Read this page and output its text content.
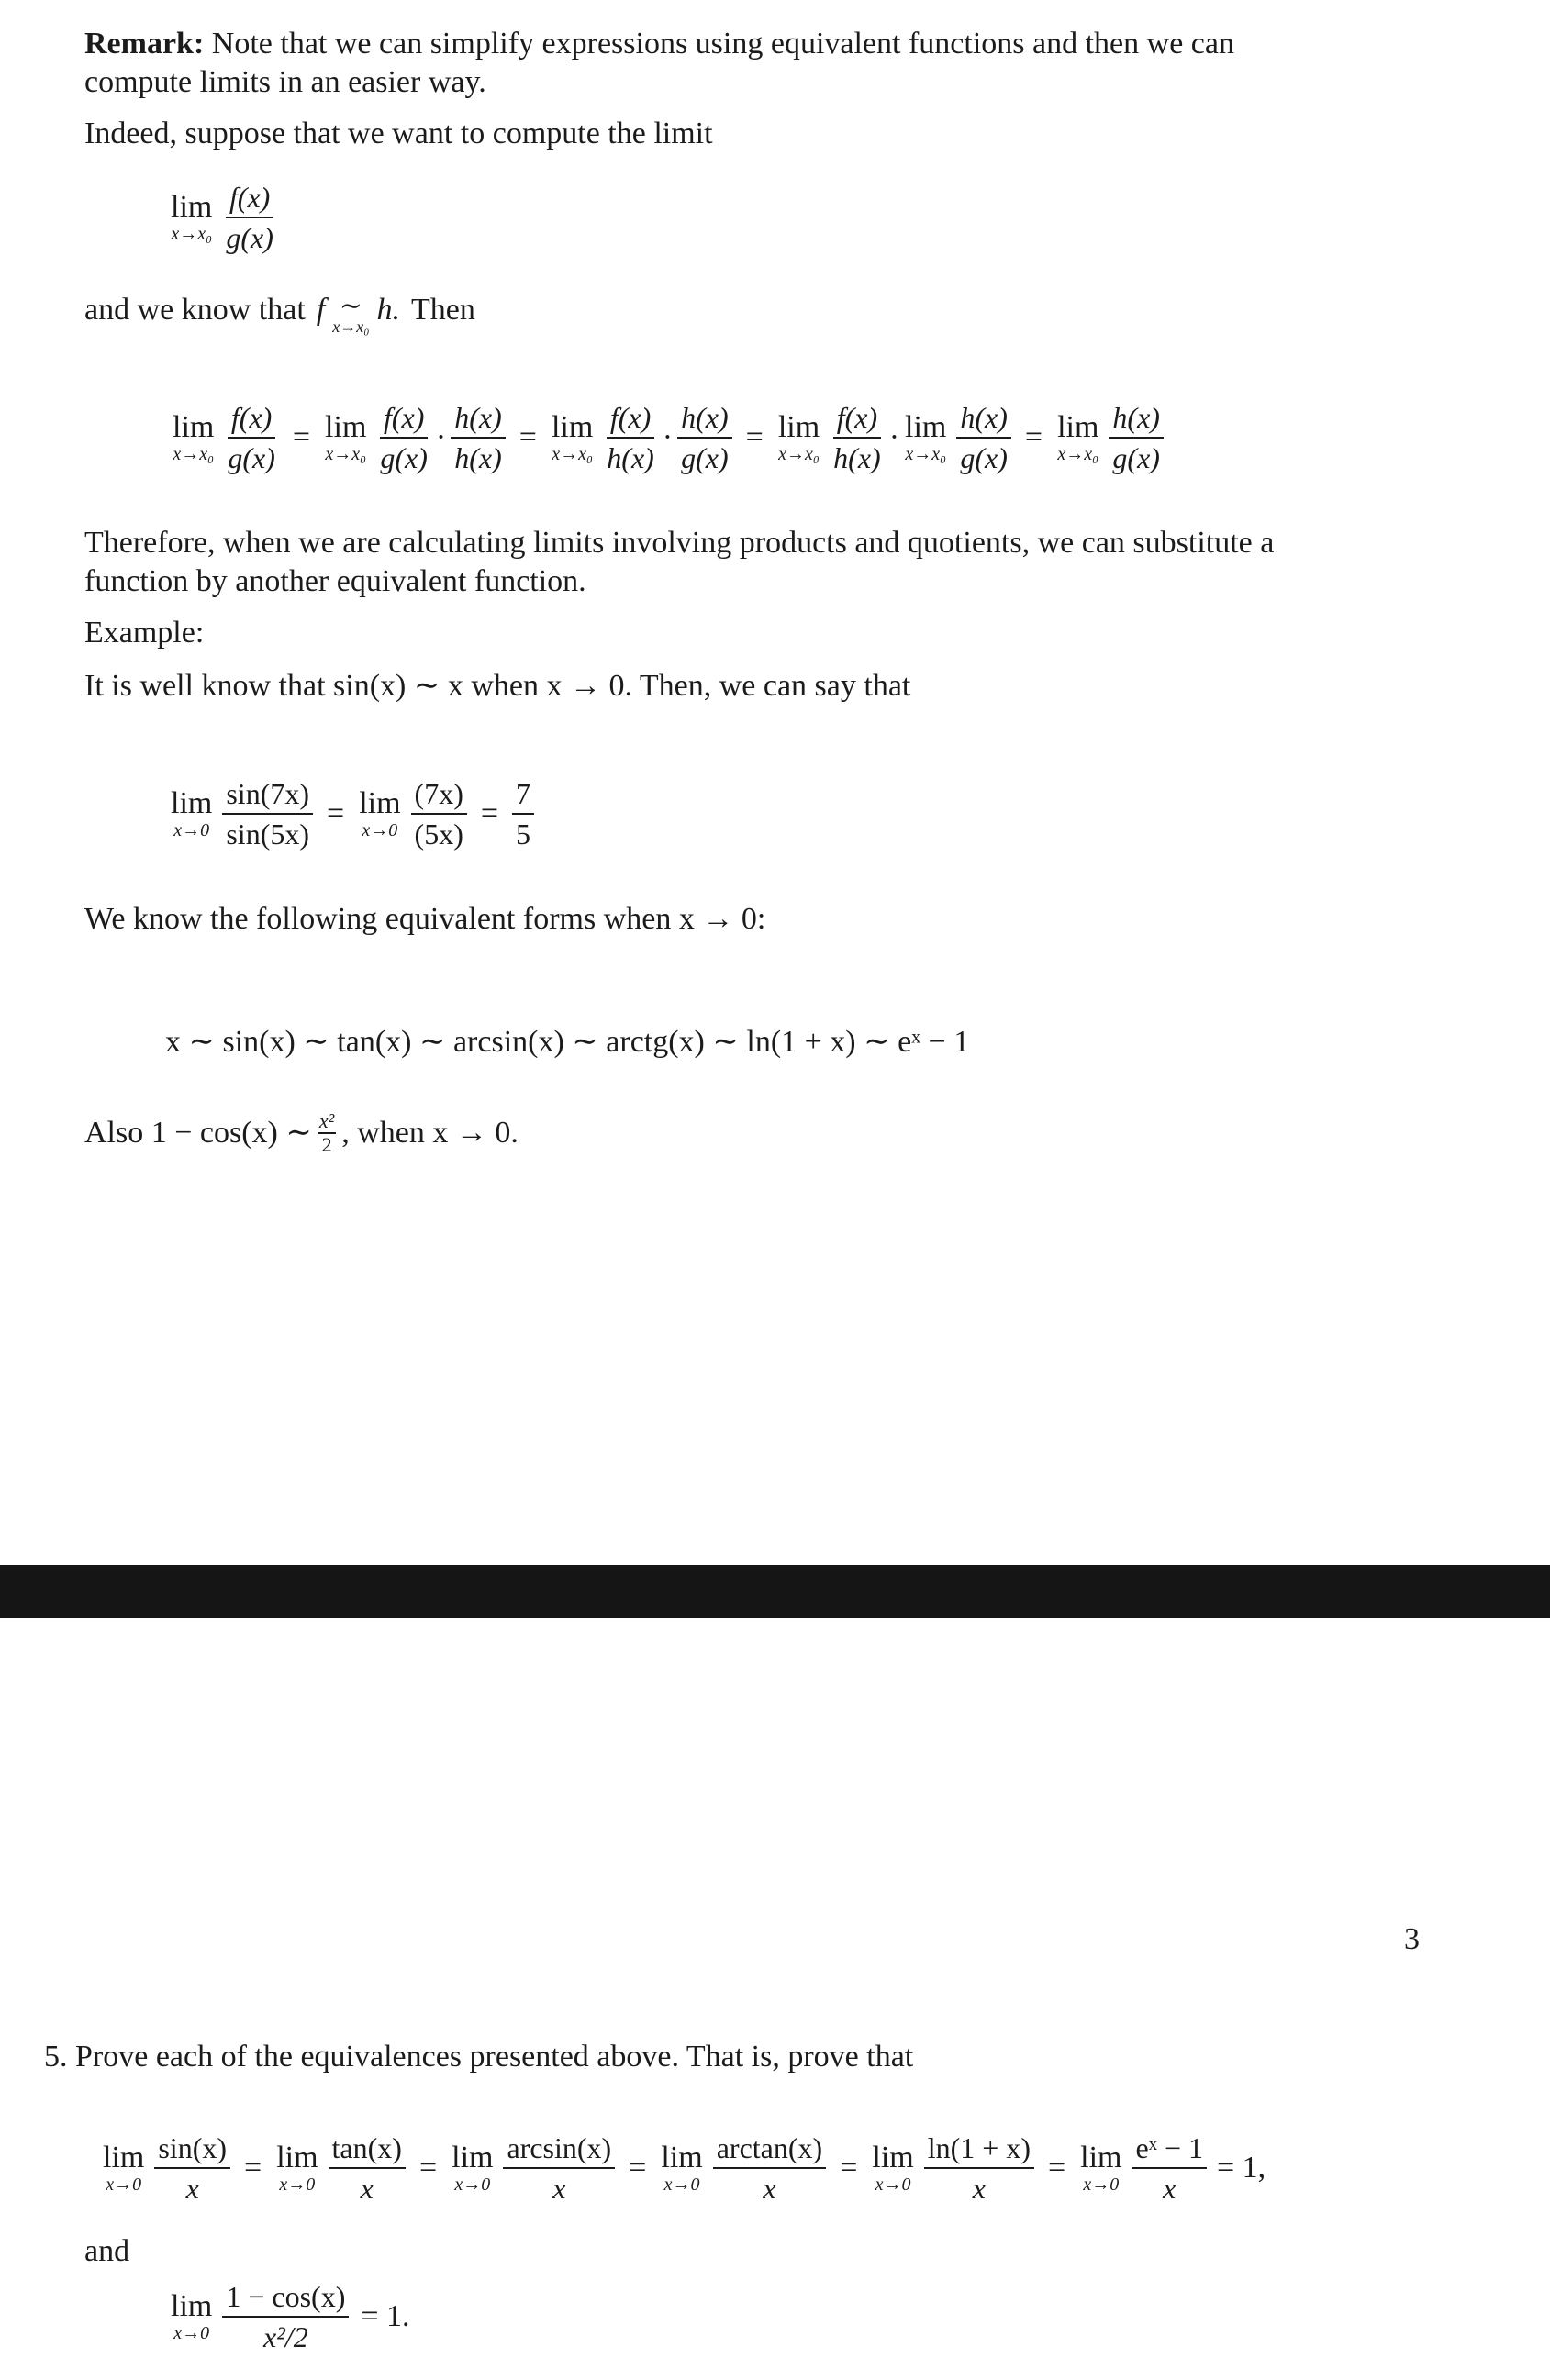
Remark: Note that we can simplify expressions using equivalent functions and then we can
compute limits in an easier way.
Indeed, suppose that we want to compute the limit
lim
$x\to x_0 \frac{f(x)}{g(x)}$
and we know that f ∼
x→x₀ h. Then
lim
$x\to x_0 \frac{f(x)}{g(x)} = \lim$
$x\to x_0 \frac{f(x)}{g(x)} \cdot \frac{h(x)}{h(x)} = \lim$
$x\to x_0 \frac{f(x)}{h(x)} \cdot \frac{h(x)}{g(x)} = \lim$
$x\to x_0 \frac{f(x)}{h(x)} \cdot \lim$
$x\to x_0 \frac{h(x)}{g(x)} = \lim$
$x\to x_0 \frac{h(x)}{g(x)}$
Therefore, when we are calculating limits involving products and quotients, we can substitute a
function by another equivalent function.
Example:
It is well know that sin(x) ∼ x when x → 0. Then, we can say that
lim
$x\to 0 \frac{\sin(7x)}{\sin(5x)} = \lim$
$x\to 0 \frac{(7x)}{(5x)} = \frac{7}{5}$
We know the following equivalent forms when x → 0:
x ∼ sin(x) ∼ tan(x) ∼ arcsin(x) ∼ arctg(x) ∼ ln(1 + x) ∼ eˣ − 1
Also 1 − cos(x) ∼ $\frac{\text{x²}}{2}$ , when x → 0.
3
5. Prove each of the equivalences presented above. That is, prove that
lim
$x\to 0 \frac{\sin(x)}{x} = \lim$
$x\to 0 \frac{\tan(x)}{x} = \lim$
$x\to 0 \frac{\arcsin(x)}{x} = \lim$
$x\to 0 \frac{\arctan(x)}{x} = \lim$
$x\to 0 \frac{\ln(1 + x)}{x} = \lim$
$x\to 0 \frac{\text{eˣ − 1}}{x} = 1$,
and
lim
$x\to 0 \frac{1 - \cos(x)}{\text{x²/2}} = 1$.
